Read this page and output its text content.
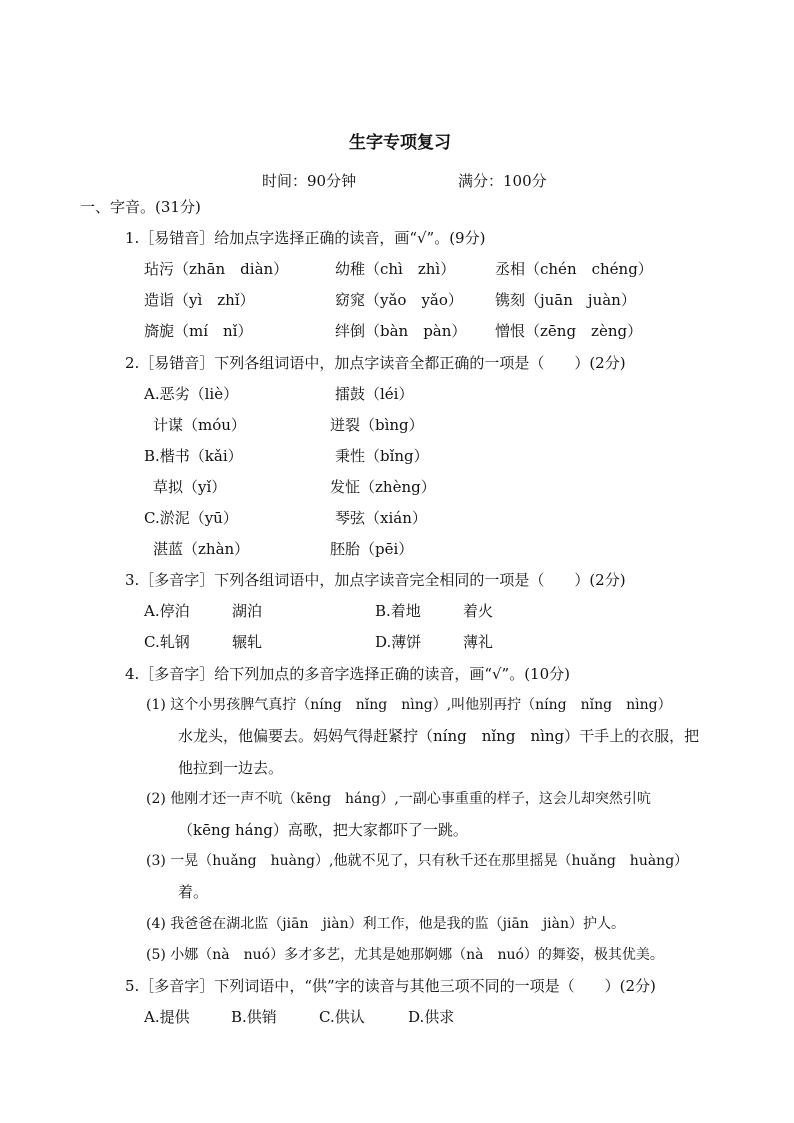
生字专项复习
时间：90分钟	满分：100分
一、字音。(31分)
1.［易错音］给加点字选择正确的读音，画“√”。(9分)
玷污（zhān　diàn）	幼稚（chì　zhì）	丞相（chén　chéng）
造诣（yì　zhǐ）	窈窕（yǎo　yǎo） 镌刻（juān　juàn）
旖旎（mí　nǐ）	绊倒（bàn　pàn） 憎恨（zēng　zèng）
2.［易错音］下列各组词语中，加点字读音全都正确的一项是（　　）(2分)
A.恶劣（liè）	擂鼓（léi）
计谋（móu）	迸裂（bìng）
B.楷书（kǎi）	秉性（bǐng）
草拟（yǐ）	发怔（zhèng）
C.淤泥（yū）	琴弦（xián）
湛蓝（zhàn）	胚胎（pēi）
3.［多音字］下列各组词语中，加点字读音完全相同的一项是（　　）(2分)
A.停泊	湖泊	B.着地	着火
C.轧钢	辗轧	D.薄饼	薄礼
4.［多音字］给下列加点的多音字选择正确的读音，画“√”。(10分)
(1) 这个小男孩脾气真拧（níng　nǐng　nìng）,叫他别再拧（níng　nǐng　nìng）
水龙头，他偏要去。妈妈气得赶紧拧（níng　nǐng　nìng）干手上的衣服，把
他拉到一边去。
(2) 他刚才还一声不吭（kēng　háng）,一副心事重重的样子，这会儿却突然引吭
（kēng háng）高歌，把大家都吓了一跳。
(3) 一晃（huǎng　huàng）,他就不见了，只有秋千还在那里摇晃（huǎng　huàng）
着。
(4) 我爸爸在湖北监（jiān　jiàn）利工作，他是我的监（jiān　jiàn）护人。
(5) 小娜（nà　nuó）多才多艺，尤其是她那婀娜（nà　nuó）的舞姿，极其优美。
5.［多音字］下列词语中，“供”字的读音与其他三项不同的一项是（　　）(2分)
A.提供	B.供销	C.供认	D.供求
